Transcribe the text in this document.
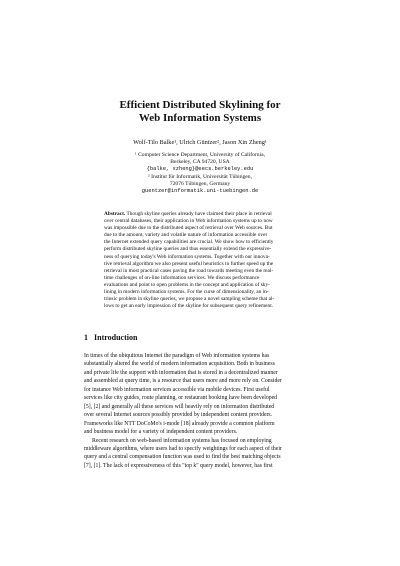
Efficient Distributed Skylining for
Web Information Systems
Wolf-Tilo Balke¹, Ulrich Güntzer², Jason Xin Zheng¹
¹ Computer Science Department, University of California,
Berkeley, CA 94720, USA
{balke, xzheng}@eecs.berkeley.edu
² Institut für Informatik, Universität Tübingen,
72076 Tübingen, Germany
guentzer@informatik.uni-tuebingen.de
Abstract. Though skyline queries already have claimed their place in retrieval
over central databases, their application in Web information systems up to now
was impossible due to the distributed aspect of retrieval over Web sources. But
due to the amount, variety and volatile nature of information accessible over
the Internet extended query capabilities are crucial. We show how to efficiently
perform distributed skyline queries and thus essentially extend the expressive-
ness of querying today's Web information systems. Together with our innova-
tive retrieval algorithm we also present useful heuristics to further speed up the
retrieval in most practical cases paving the road towards meeting even the real-
time challenges of on-line information services. We discuss performance
evaluations and point to open problems in the concept and application of sky-
lining in modern information systems. For the curse of dimensionality, an in-
trinsic problem in skyline queries, we propose a novel sampling scheme that al-
lows to get an early impression of the skyline for subsequent query refinement.
1 Introduction
In times of the ubiquitous Internet the paradigm of Web information systems has
substantially altered the world of modern information acquisition. Both in business
and private life the support with information that is stored in a decentralized manner
and assembled at query time, is a resource that users more and more rely on. Consider
for instance Web information services accessible via mobile devices. First useful
services like city guides, route planning, or restaurant booking have been developed
[5], [2] and generally all these services will heavily rely on information distributed
over several Internet sources possibly provided by independent content providers.
Frameworks like NTT DoCoMo's i-mode [18] already provide a common platform
and business model for a variety of independent content providers.
Recent research on web-based information systems has focused on employing
middleware algorithms, where users had to specify weightings for each aspect of their
query and a central compensation function was used to find the best matching objects
[7], [1]. The lack of expressiveness of this "top k" query model, however, has first
